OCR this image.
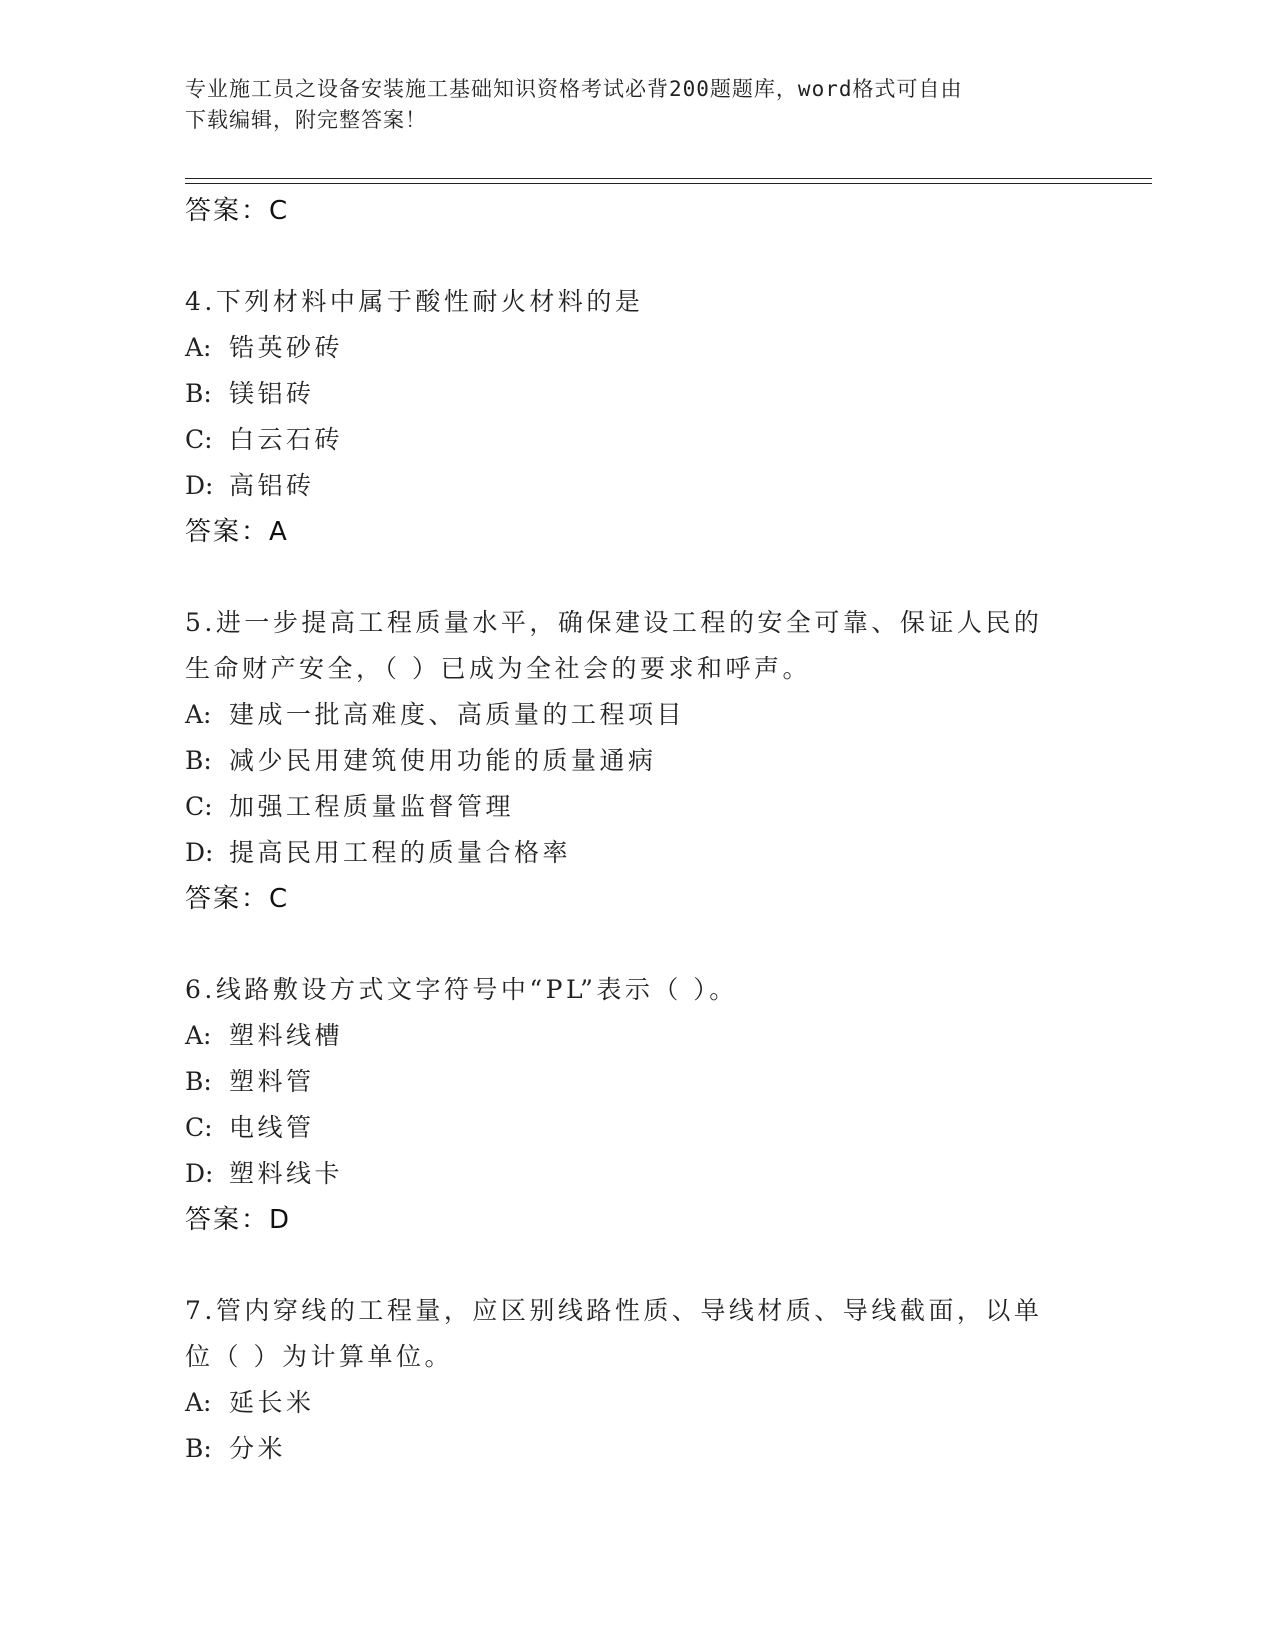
专业施工员之设备安装施工基础知识资格考试必背200题题库，word格式可自由
下载编辑，附完整答案！
答案：C
4.下列材料中属于酸性耐火材料的是
A: 锆英砂砖
B: 镁铝砖
C: 白云石砖
D: 高铝砖
答案：A
5.进一步提高工程质量水平，确保建设工程的安全可靠、保证人民的
生命财产安全，（ ）已成为全社会的要求和呼声。
A: 建成一批高难度、高质量的工程项目
B: 减少民用建筑使用功能的质量通病
C: 加强工程质量监督管理
D: 提高民用工程的质量合格率
答案：C
6.线路敷设方式文字符号中“PL”表示（ ）。
A: 塑料线槽
B: 塑料管
C: 电线管
D: 塑料线卡
答案：D
7.管内穿线的工程量，应区别线路性质、导线材质、导线截面，以单
位（ ）为计算单位。
A: 延长米
B: 分米
